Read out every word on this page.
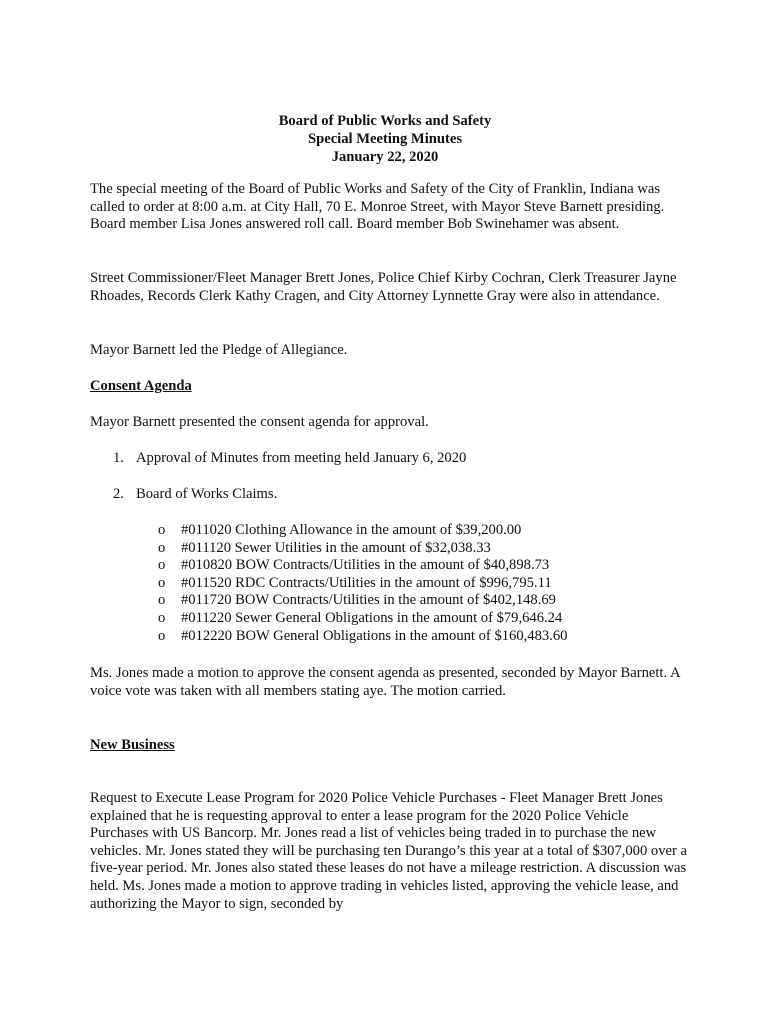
Board of Public Works and Safety
Special Meeting Minutes
January 22, 2020

The special meeting of the Board of Public Works and Safety of the City of Franklin, Indiana was called to order at 8:00 a.m. at City Hall, 70 E. Monroe Street, with Mayor Steve Barnett presiding. Board member Lisa Jones answered roll call. Board member Bob Swinehamer was absent.

Street Commissioner/Fleet Manager Brett Jones, Police Chief Kirby Cochran, Clerk Treasurer Jayne Rhoades, Records Clerk Kathy Cragen, and City Attorney Lynnette Gray were also in attendance.

Mayor Barnett led the Pledge of Allegiance.

Consent Agenda

Mayor Barnett presented the consent agenda for approval.

1. Approval of Minutes from meeting held January 6, 2020
2. Board of Works Claims.
o #011020 Clothing Allowance in the amount of $39,200.00
o #011120 Sewer Utilities in the amount of $32,038.33
o #010820 BOW Contracts/Utilities in the amount of $40,898.73
o #011520 RDC Contracts/Utilities in the amount of $996,795.11
o #011720 BOW Contracts/Utilities in the amount of $402,148.69
o #011220 Sewer General Obligations in the amount of $79,646.24
o #012220 BOW General Obligations in the amount of $160,483.60

Ms. Jones made a motion to approve the consent agenda as presented, seconded by Mayor Barnett. A voice vote was taken with all members stating aye. The motion carried.

New Business

Request to Execute Lease Program for 2020 Police Vehicle Purchases - Fleet Manager Brett Jones explained that he is requesting approval to enter a lease program for the 2020 Police Vehicle Purchases with US Bancorp. Mr. Jones read a list of vehicles being traded in to purchase the new vehicles. Mr. Jones stated they will be purchasing ten Durango’s this year at a total of $307,000 over a five-year period. Mr. Jones also stated these leases do not have a mileage restriction. A discussion was held. Ms. Jones made a motion to approve trading in vehicles listed, approving the vehicle lease, and authorizing the Mayor to sign, seconded by
